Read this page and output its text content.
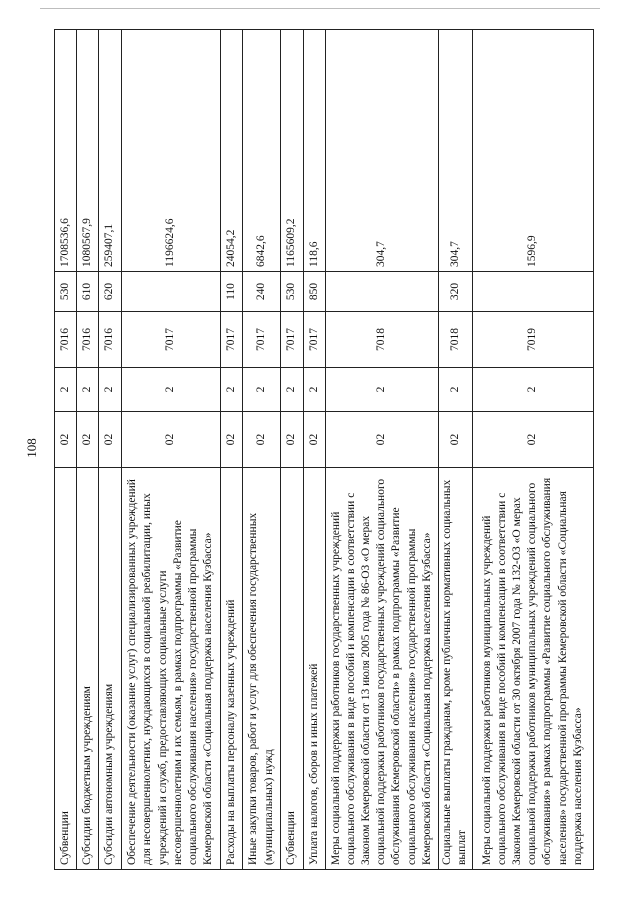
108
Субвенции	02	2	7016	530	1708536,6
Субсидии бюджетным учреждениям	02	2	7016	610	1080567,9
Субсидии автономным учреждениям	02	2	7016	620	259407,1
Обеспечение деятельности (оказание услуг) специализированных учреждений для несовершеннолетних, нуждающихся в социальной реабилитации, иных учреждений и служб, предоставляющих социальные услуги несовершеннолетним и их семьям, в рамках подпрограммы «Развитие социального обслуживания населения» государственной программы Кемеровской области «Социальная поддержка населения Кузбасса»	02	2	7017		1196624,6
Расходы на выплаты персоналу казенных учреждений	02	2	7017	110	24054,2
Иные закупки товаров, работ и услуг для обеспечения государственных (муниципальных) нужд	02	2	7017	240	6842,6
Субвенции	02	2	7017	530	1165609,2
Уплата налогов, сборов и иных платежей	02	2	7017	850	118,6
Меры социальной поддержки работников государственных учреждений социального обслуживания в виде пособий и компенсации в соответствии с Законом Кемеровской области от 13 июля 2005 года № 86-ОЗ «О мерах социальной поддержки работников государственных учреждений социального обслуживания Кемеровской области» в рамках подпрограммы «Развитие социального обслуживания населения» государственной программы Кемеровской области «Социальная поддержка населения Кузбасса»	02	2	7018		304,7
Социальные выплаты гражданам, кроме публичных нормативных социальных выплат	02	2	7018	320	304,7
Меры социальной поддержки работников муниципальных учреждений социального обслуживания в виде пособий и компенсации в соответствии с Законом Кемеровской области от 30 октября 2007 года № 132-ОЗ «О мерах социальной поддержки работников муниципальных учреждений социального обслуживания» в рамках подпрограммы «Развитие социального обслуживания населения» государственной программы Кемеровской области «Социальная поддержка населения Кузбасса»	02	2	7019		1596,9
